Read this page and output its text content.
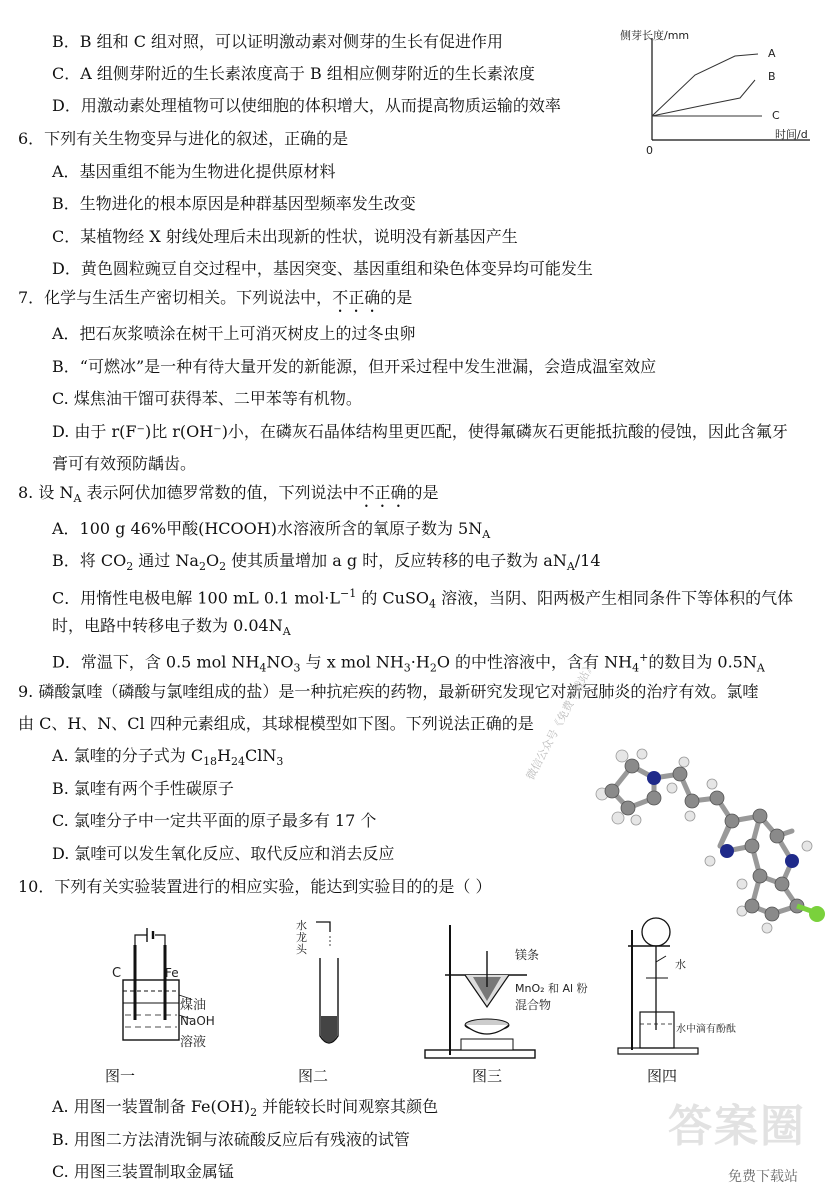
B．B 组和 C 组对照，可以证明激动素对侧芽的生长有促进作用
C．A 组侧芽附近的生长素浓度高于 B 组相应侧芽附近的生长素浓度
D．用激动素处理植物可以使细胞的体积增大，从而提高物质运输的效率
6．下列有关生物变异与进化的叙述，正确的是
A．基因重组不能为生物进化提供原材料
B．生物进化的根本原因是种群基因型频率发生改变
C．某植物经 X 射线处理后未出现新的性状，说明没有新基因产生
D．黄色圆粒豌豆自交过程中，基因突变、基因重组和染色体变异均可能发生
7．化学与生活生产密切相关。下列说法中，不正确的是
A．把石灰浆喷涂在树干上可消灭树皮上的过冬虫卵
B．“可燃冰”是一种有待大量开发的新能源，但开采过程中发生泄漏，会造成温室效应
C. 煤焦油干馏可获得苯、二甲苯等有机物。
D. 由于 r(F⁻)比 r(OH⁻)小，在磷灰石晶体结构里更匹配，使得氟磷灰石更能抵抗酸的侵蚀，因此含氟牙
膏可有效预防龋齿。
8. 设 $N_A$ 表示阿伏加德罗常数的值，下列说法中不正确的是
A．100 g 46%甲酸(HCOOH)水溶液所含的氧原子数为 $5N_A$
B．将 $CO_2$ 通过 $Na_2O_2$ 使其质量增加 a g 时，反应转移的电子数为 $aN_A/14$
C．用惰性电极电解 100 mL 0.1 $mol\cdot L^{-1}$ 的 CuSO$_4$ 溶液，当阴、阳两极产生相同条件下等体积的气体
时，电路中转移电子数为 $0.04N_A$
D．常温下，含 0.5 mol $NH_4NO_3$ 与 x mol $NH_3\cdot H_2O$ 的中性溶液中，含有 $NH_4^+$的数目为 $0.5N_A$
9. 磷酸氯喹（磷酸与氯喹组成的盐）是一种抗疟疾的药物，最新研究发现它对新冠肺炎的治疗有效。氯喹
由 C、H、N、Cl 四种元素组成，其球棍模型如下图。下列说法正确的是
A. 氯喹的分子式为 $C_{18}H_{24}ClN_3$
B. 氯喹有两个手性碳原子
C. 氯喹分子中一定共平面的原子最多有 17 个
D. 氯喹可以发生氧化反应、取代反应和消去反应
10．下列有关实验装置进行的相应实验，能达到实验目的的是（ ）
A. 用图一装置制备 $Fe(OH)_2$ 并能较长时间观察其颜色
B. 用图二方法清洗铜与浓硫酸反应后有残液的试管
C. 用图三装置制取金属锰
侧芽长度/mm
时间/d
0
A
B
C
微信公众号《免费下载站》
C	Fe
煤油
NaOH
溶液
图一
水
龙
头
图二
镁条
MnO₂ 和 Al 粉
混合物
图三
水
水中滴有酚酞
图四
答案圈
免费下载站
